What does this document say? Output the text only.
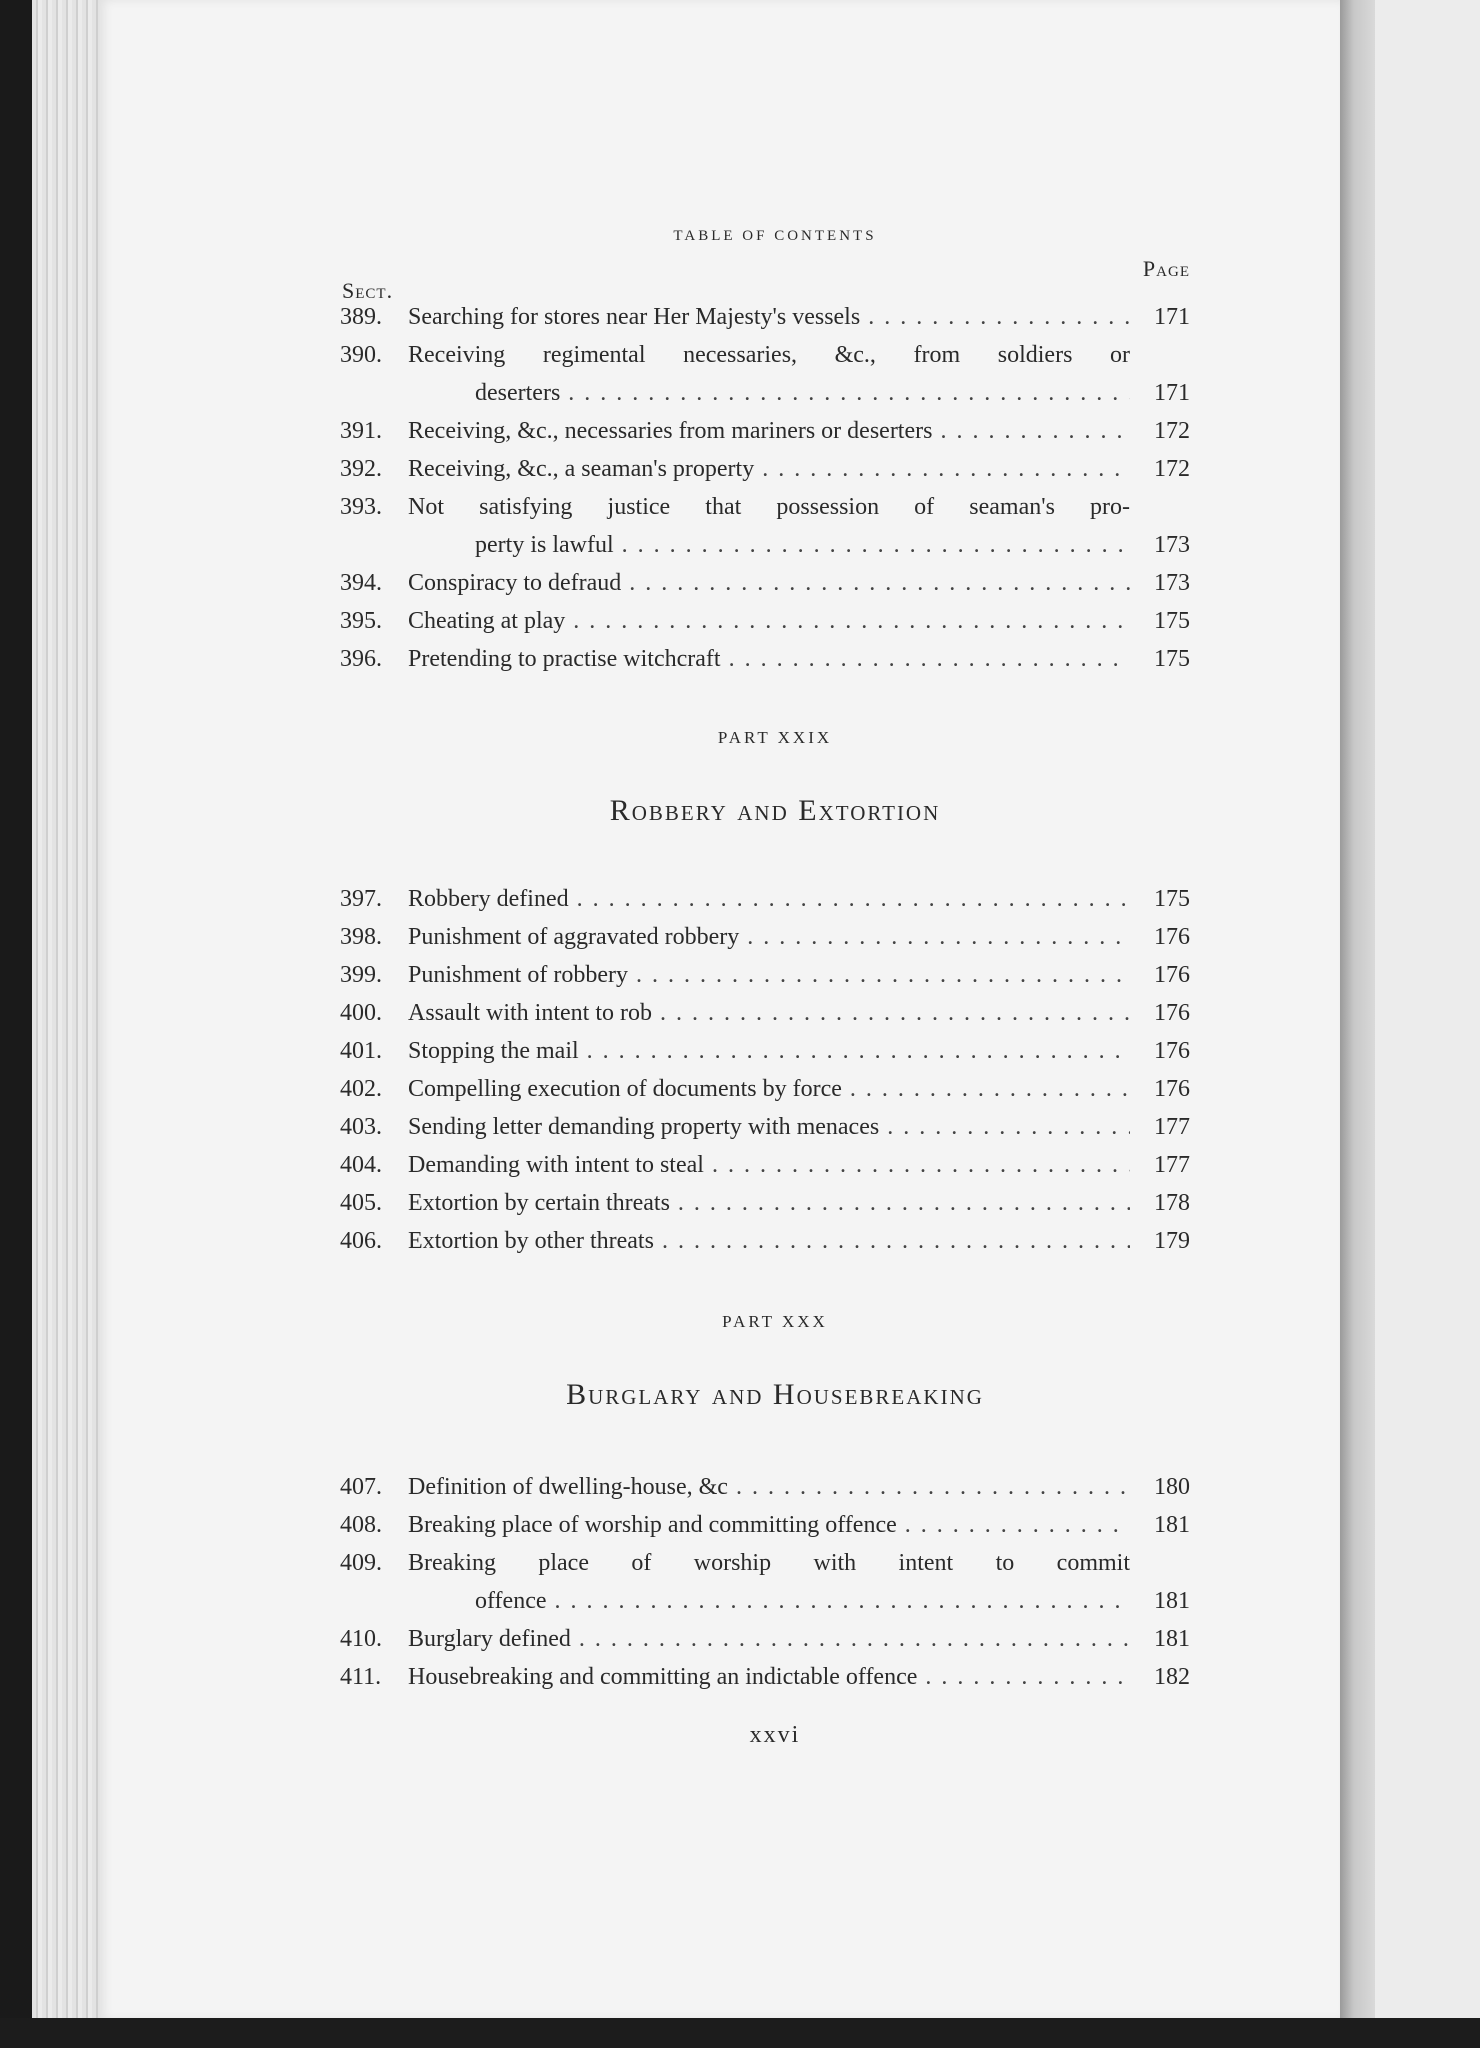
TABLE OF CONTENTS
Sect.
Page
389.	Searching for stores near Her Majesty's vessels . . .	171
390.	Receiving regimental necessaries, &c., from soldiers or
deserters . . .	171
391.	Receiving, &c., necessaries from mariners or deserters . . .	172
392.	Receiving, &c., a seaman's property . . .	172
393.	Not satisfying justice that possession of seaman's pro-
perty is lawful . . .	173
394.	Conspiracy to defraud . . .	173
395.	Cheating at play . . .	175
396.	Pretending to practise witchcraft . . .	175
PART XXIX
Robbery and Extortion
397.	Robbery defined . . .	175
398.	Punishment of aggravated robbery . . .	176
399.	Punishment of robbery . . .	176
400.	Assault with intent to rob . . .	176
401.	Stopping the mail . . .	176
402.	Compelling execution of documents by force . . .	176
403.	Sending letter demanding property with menaces . . .	177
404.	Demanding with intent to steal . . .	177
405.	Extortion by certain threats . . .	178
406.	Extortion by other threats . . .	179
PART XXX
Burglary and Housebreaking
407.	Definition of dwelling-house, &c . . .	180
408.	Breaking place of worship and committing offence . . .	181
409.	Breaking place of worship with intent to commit
offence . . .	181
410.	Burglary defined . . .	181
411.	Housebreaking and committing an indictable offence . . .	182
xxvi
